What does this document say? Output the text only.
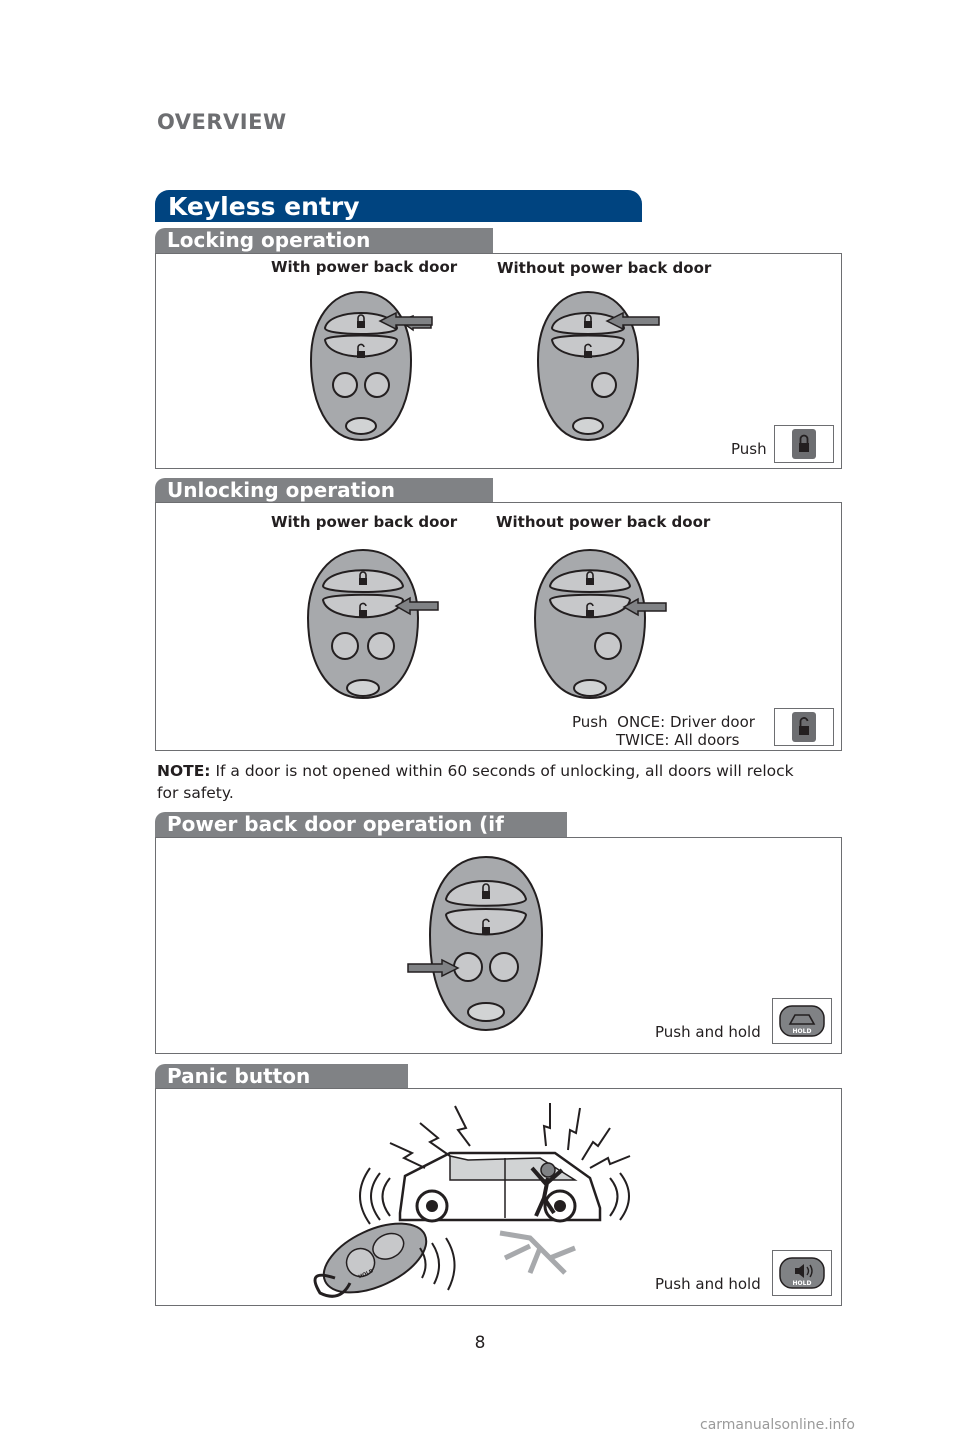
OVERVIEW
Keyless entry
Locking operation
With power back door	Without power back door
Push
Unlocking operation
With power back door	Without power back door
Push  ONCE: Driver door
TWICE: All doors
NOTE: If a door is not opened within 60 seconds of unlocking, all doors will relock for safety.
Power back door operation (if
Push and hold	HOLD
Panic button
HOLD
Push and hold	HOLD
8
carmanualsonline.info
